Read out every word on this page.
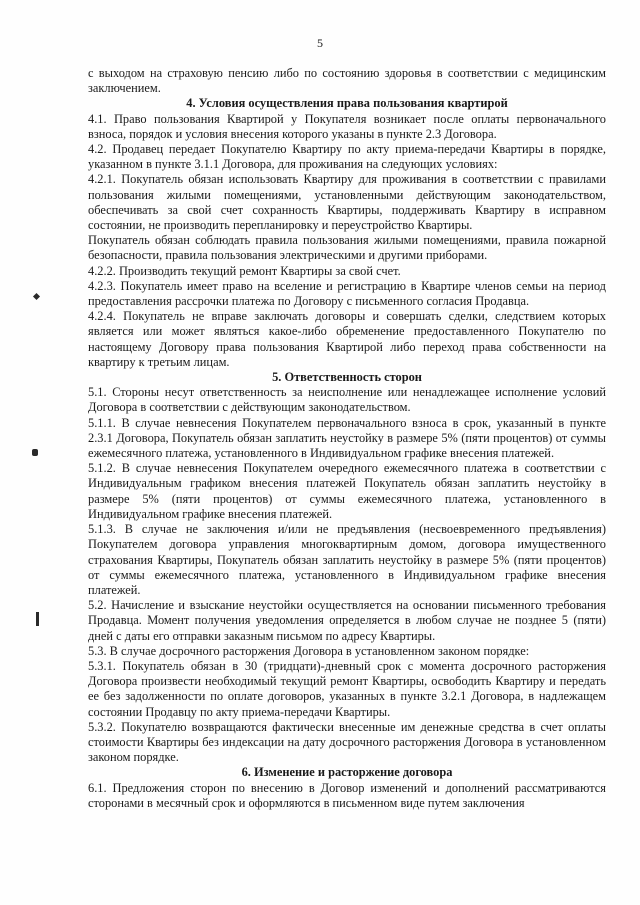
5

с выходом на страховую пенсию либо по состоянию здоровья в соответствии с медицинским заключением.

4. Условия осуществления права пользования квартирой

4.1. Право пользования Квартирой у Покупателя возникает после оплаты первоначального взноса, порядок и условия внесения которого указаны в пункте 2.3 Договора.

4.2. Продавец передает Покупателю Квартиру по акту приема-передачи Квартиры в порядке, указанном в пункте 3.1.1 Договора, для проживания на следующих условиях:

4.2.1. Покупатель обязан использовать Квартиру для проживания в соответствии с правилами пользования жилыми помещениями, установленными действующим законодательством, обеспечивать за свой счет сохранность Квартиры, поддерживать Квартиру в исправном состоянии, не производить перепланировку и переустройство Квартиры.

Покупатель обязан соблюдать правила пользования жилыми помещениями, правила пожарной безопасности, правила пользования электрическими и другими приборами.

4.2.2. Производить текущий ремонт Квартиры за свой счет.

4.2.3. Покупатель имеет право на вселение и регистрацию в Квартире членов семьи на период предоставления рассрочки платежа по Договору с письменного согласия Продавца.

4.2.4. Покупатель не вправе заключать договоры и совершать сделки, следствием которых является или может являться какое-либо обременение предоставленного Покупателю по настоящему Договору права пользования Квартирой либо переход права собственности на квартиру к третьим лицам.

5. Ответственность сторон

5.1. Стороны несут ответственность за неисполнение или ненадлежащее исполнение условий Договора в соответствии с действующим законодательством.

5.1.1. В случае невнесения Покупателем первоначального взноса в срок, указанный в пункте 2.3.1 Договора, Покупатель обязан заплатить неустойку в размере 5% (пяти процентов) от суммы ежемесячного платежа, установленного в Индивидуальном графике внесения платежей.

5.1.2. В случае невнесения Покупателем очередного ежемесячного платежа в соответствии с Индивидуальным графиком внесения платежей Покупатель обязан заплатить неустойку в размере 5% (пяти процентов) от суммы ежемесячного платежа, установленного в Индивидуальном графике внесения платежей.

5.1.3. В случае не заключения и/или не предъявления (несвоевременного предъявления) Покупателем договора управления многоквартирным домом, договора имущественного страхования Квартиры, Покупатель обязан заплатить неустойку в размере 5% (пяти процентов) от суммы ежемесячного платежа, установленного в Индивидуальном графике внесения платежей.

5.2. Начисление и взыскание неустойки осуществляется на основании письменного требования Продавца. Момент получения уведомления определяется в любом случае не позднее 5 (пяти) дней с даты его отправки заказным письмом по адресу Квартиры.

5.3. В случае досрочного расторжения Договора в установленном законом порядке:

5.3.1. Покупатель обязан в 30 (тридцати)-дневный срок с момента досрочного расторжения Договора произвести необходимый текущий ремонт Квартиры, освободить Квартиру и передать ее без задолженности по оплате договоров, указанных в пункте 3.2.1 Договора, в надлежащем состоянии Продавцу по акту приема-передачи Квартиры.

5.3.2. Покупателю возвращаются фактически внесенные им денежные средства в счет оплаты стоимости Квартиры без индексации на дату досрочного расторжения Договора в установленном законом порядке.

6. Изменение и расторжение договора

6.1. Предложения сторон по внесению в Договор изменений и дополнений рассматриваются сторонами в месячный срок и оформляются в письменном виде путем заключения
